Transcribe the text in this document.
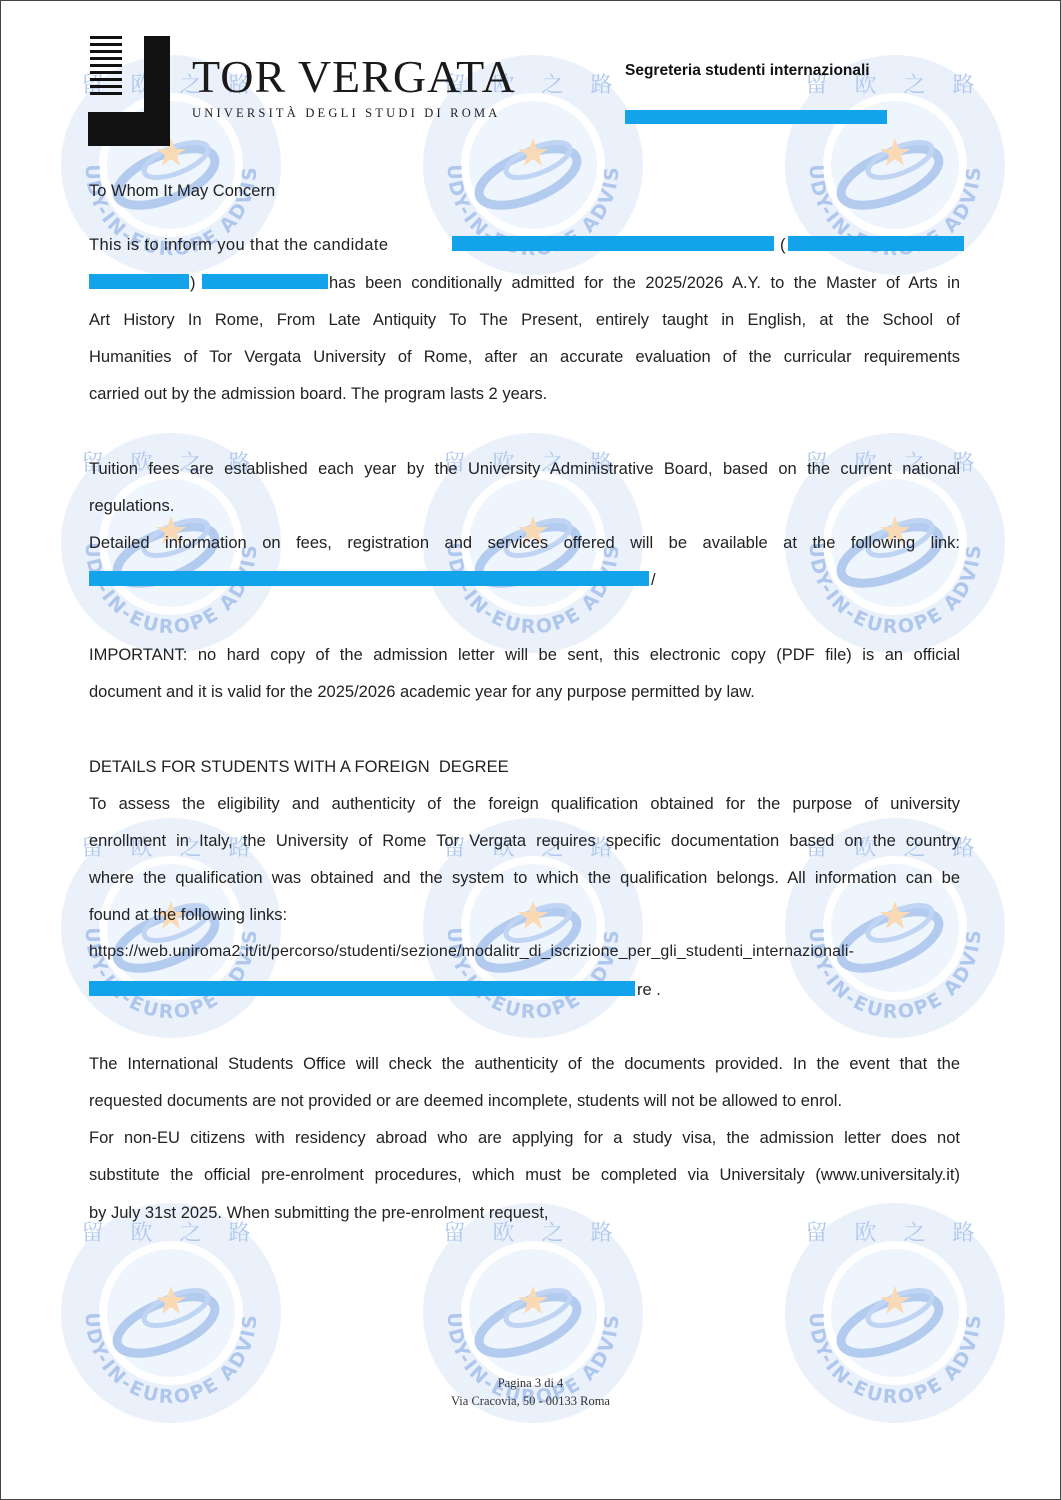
TOR VERGATA
UNIVERSITÀ DEGLI STUDI DI ROMA
Segreteria studenti internazionali
To Whom It May Concern
This is to inform you that the candidate	(
)	has been conditionally admitted for the 2025/2026 A.Y. to the Master of Arts in
Art History In Rome, From Late Antiquity To The Present, entirely taught in English, at the School of
Humanities of Tor Vergata University of Rome, after an accurate evaluation of the curricular requirements
carried out by the admission board. The program lasts 2 years.
Tuition fees are established each year by the University Administrative Board, based on the current national
regulations.
Detailed information on fees, registration and services offered will be available at the following link:
/
IMPORTANT: no hard copy of the admission letter will be sent, this electronic copy (PDF file) is an official
document and it is valid for the 2025/2026 academic year for any purpose permitted by law.
DETAILS FOR STUDENTS WITH A FOREIGN  DEGREE
To assess the eligibility and authenticity of the foreign qualification obtained for the purpose of university
enrollment in Italy, the University of Rome Tor Vergata requires specific documentation based on the country
where the qualification was obtained and the system to which the qualification belongs. All information can be
found at the following links:
https://web.uniroma2.it/it/percorso/studenti/sezione/modalitr_di_iscrizione_per_gli_studenti_internazionali-
re .
The International Students Office will check the authenticity of the documents provided. In the event that the
requested documents are not provided or are deemed incomplete, students will not be allowed to enrol.
For non-EU citizens with residency abroad who are applying for a study visa, the admission letter does not
substitute the official pre-enrolment procedures, which must be completed via Universitaly (www.universitaly.it)
by July 31st 2025. When submitting the pre-enrolment request,
Pagina 3 di 4
Via Cracovia, 50 - 00133 Roma
